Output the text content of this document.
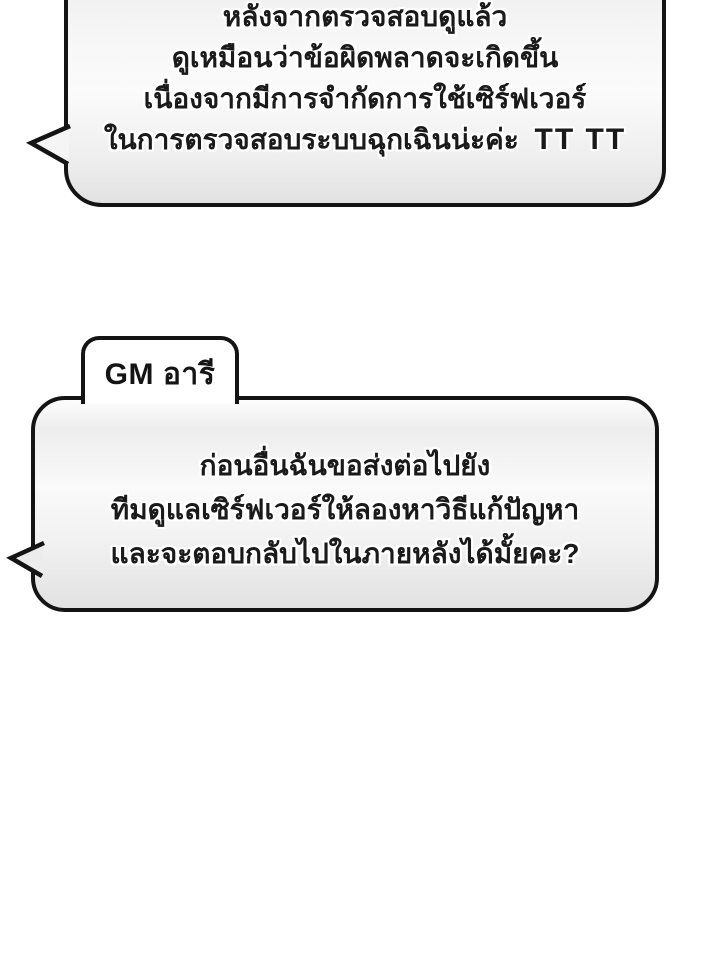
หลังจากตรวจสอบดูแล้ว
ดูเหมือนว่าข้อผิดพลาดจะเกิดขึ้น
เนื่องจากมีการจำกัดการใช้เซิร์ฟเวอร์
ในการตรวจสอบระบบฉุกเฉินน่ะค่ะ TT TT
GM อารี
ก่อนอื่นฉันขอส่งต่อไปยัง
ทีมดูแลเซิร์ฟเวอร์ให้ลองหาวิธีแก้ปัญหา
และจะตอบกลับไปในภายหลังได้มั้ยคะ?
